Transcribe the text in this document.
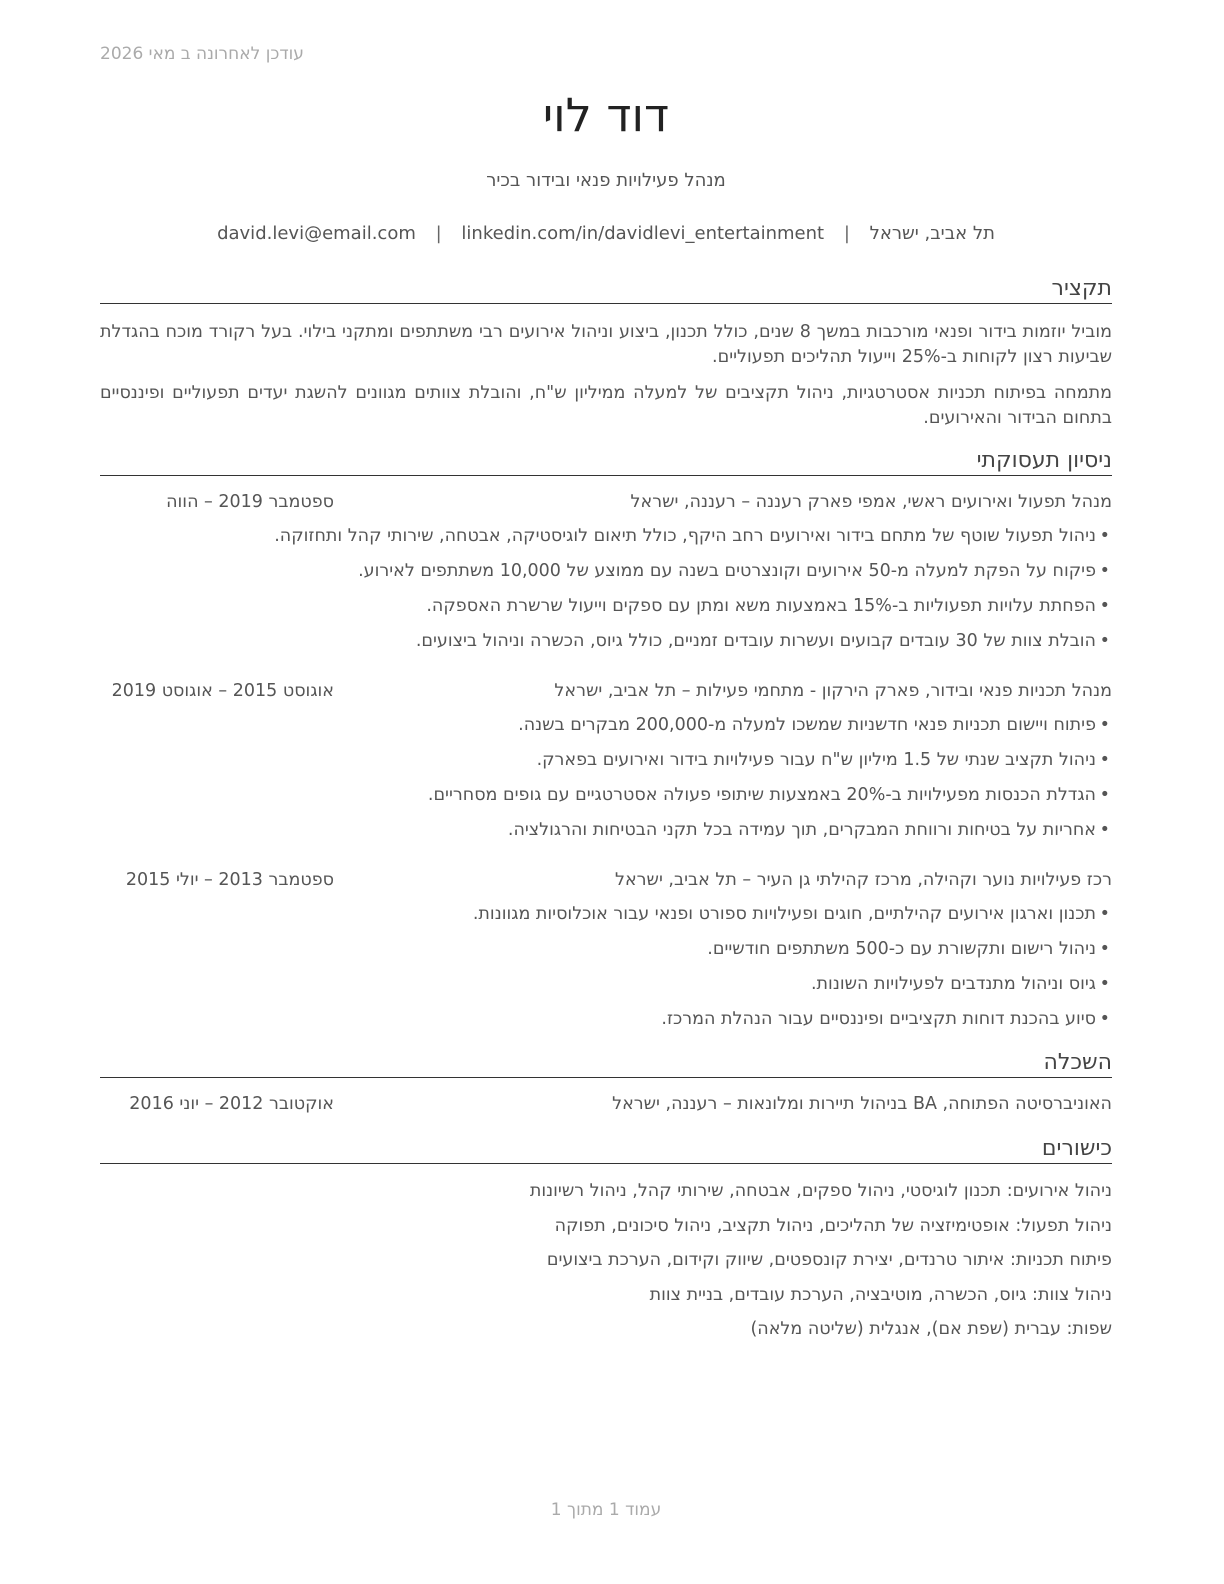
עודכן לאחרונה ב מאי 2026
דוד לוי
מנהל פעילויות פנאי ובידור בכיר
תל אביב, ישראל | david.levi@email.com | linkedin.com/in/davidlevi_entertainment
תקציר
מוביל יוזמות בידור ופנאי מורכבות במשך 8 שנים, כולל תכנון, ביצוע וניהול אירועים רבי משתתפים ומתקני בילוי. בעל רקורד מוכח בהגדלת שביעות רצון לקוחות ב-25% וייעול תהליכים תפעוליים.
מתמחה בפיתוח תכניות אסטרטגיות, ניהול תקציבים של למעלה ממיליון ש"ח, והובלת צוותים מגוונים להשגת יעדים תפעוליים ופיננסיים בתחום הבידור והאירועים.
ניסיון תעסוקתי
מנהל תפעול ואירועים ראשי, אמפי פארק רעננה – רעננה, ישראל
ספטמבר 2019 – הווה
•
ניהול תפעול שוטף של מתחם בידור ואירועים רחב היקף, כולל תיאום לוגיסטיקה, אבטחה, שירותי קהל ותחזוקה.
•
פיקוח על הפקת למעלה מ-50 אירועים וקונצרטים בשנה עם ממוצע של 10,000 משתתפים לאירוע.
•
הפחתת עלויות תפעוליות ב-15% באמצעות משא ומתן עם ספקים וייעול שרשרת האספקה.
•
הובלת צוות של 30 עובדים קבועים ועשרות עובדים זמניים, כולל גיוס, הכשרה וניהול ביצועים.
מנהל תכניות פנאי ובידור, פארק הירקון - מתחמי פעילות – תל אביב, ישראל
אוגוסט 2015 – אוגוסט 2019
•
פיתוח ויישום תכניות פנאי חדשניות שמשכו למעלה מ-200,000 מבקרים בשנה.
•
ניהול תקציב שנתי של 1.5 מיליון ש"ח עבור פעילויות בידור ואירועים בפארק.
•
הגדלת הכנסות מפעילויות ב-20% באמצעות שיתופי פעולה אסטרטגיים עם גופים מסחריים.
•
אחריות על בטיחות ורווחת המבקרים, תוך עמידה בכל תקני הבטיחות והרגולציה.
רכז פעילויות נוער וקהילה, מרכז קהילתי גן העיר – תל אביב, ישראל
ספטמבר 2013 – יולי 2015
•
תכנון וארגון אירועים קהילתיים, חוגים ופעילויות ספורט ופנאי עבור אוכלוסיות מגוונות.
•
ניהול רישום ותקשורת עם כ-500 משתתפים חודשיים.
•
גיוס וניהול מתנדבים לפעילויות השונות.
•
סיוע בהכנת דוחות תקציביים ופיננסיים עבור הנהלת המרכז.
השכלה
האוניברסיטה הפתוחה, BA בניהול תיירות ומלונאות – רעננה, ישראל
אוקטובר 2012 – יוני 2016
כישורים
ניהול אירועים: תכנון לוגיסטי, ניהול ספקים, אבטחה, שירותי קהל, ניהול רשיונות
ניהול תפעול: אופטימיזציה של תהליכים, ניהול תקציב, ניהול סיכונים, תפוקה
פיתוח תכניות: איתור טרנדים, יצירת קונספטים, שיווק וקידום, הערכת ביצועים
ניהול צוות: גיוס, הכשרה, מוטיבציה, הערכת עובדים, בניית צוות
שפות: עברית (שפת אם), אנגלית (שליטה מלאה)
עמוד 1 מתוך 1
